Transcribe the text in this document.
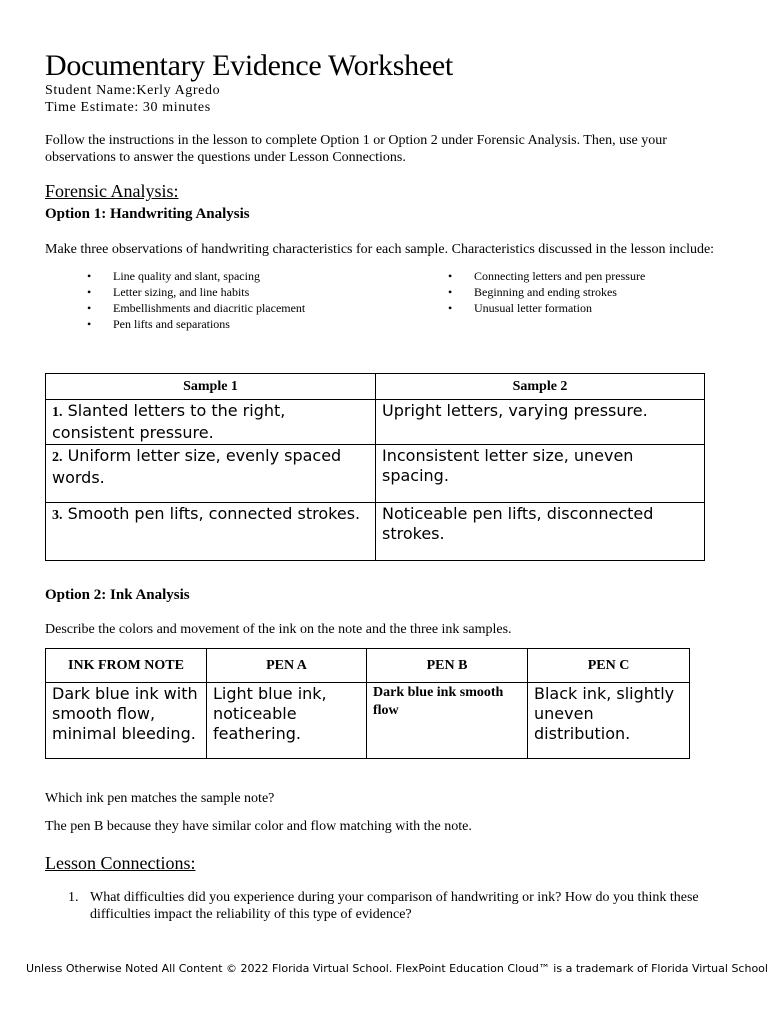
Documentary Evidence Worksheet
Student Name:Kerly Agredo
Time Estimate: 30 minutes
Follow the instructions in the lesson to complete Option 1 or Option 2 under Forensic Analysis. Then, use your observations to answer the questions under Lesson Connections.
Forensic Analysis:
Option 1: Handwriting Analysis
Make three observations of handwriting characteristics for each sample. Characteristics discussed in the lesson include:
• Line quality and slant, spacing
• Letter sizing, and line habits
• Embellishments and diacritic placement
• Pen lifts and separations
• Connecting letters and pen pressure
• Beginning and ending strokes
• Unusual letter formation
Sample 1	Sample 2
1. Slanted letters to the right, consistent pressure.	Upright letters, varying pressure.
2. Uniform letter size, evenly spaced words.	Inconsistent letter size, uneven spacing.
3. Smooth pen lifts, connected strokes.	Noticeable pen lifts, disconnected strokes.
Option 2: Ink Analysis
Describe the colors and movement of the ink on the note and the three ink samples.
INK FROM NOTE	PEN A	PEN B	PEN C
Dark blue ink with smooth flow, minimal bleeding.	Light blue ink, noticeable feathering.	Dark blue ink smooth flow	Black ink, slightly uneven distribution.
Which ink pen matches the sample note?
The pen B because they have similar color and flow matching with the note.
Lesson Connections:
1. What difficulties did you experience during your comparison of handwriting or ink? How do you think these difficulties impact the reliability of this type of evidence?
Unless Otherwise Noted All Content © 2022 Florida Virtual School. FlexPoint Education Cloud™ is a trademark of Florida Virtual School
